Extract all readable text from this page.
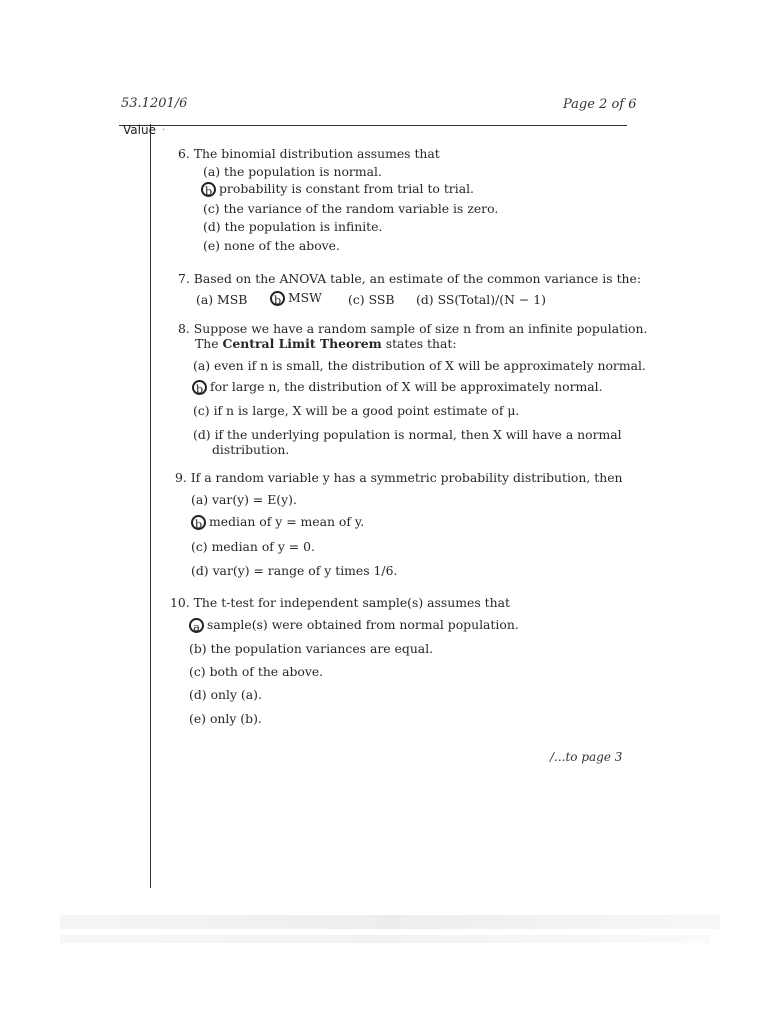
53.1201/6	Page 2 of 6
Value ·
6. The binomial distribution assumes that
(a) the population is normal.
b probability is constant from trial to trial.
(c) the variance of the random variable is zero.
(d) the population is infinite.
(e) none of the above.
7. Based on the ANOVA table, an estimate of the common variance is the:
(a) MSB	b MSW (c) SSB (d) SS(Total)/(N − 1)
8. Suppose we have a random sample of size n from an infinite population.
The Central Limit Theorem states that:
(a) even if n is small, the distribution of X will be approximately normal.
b for large n, the distribution of X will be approximately normal.
(c) if n is large, X will be a good point estimate of μ.
(d) if the underlying population is normal, then X will have a normal
distribution.
9. If a random variable y has a symmetric probability distribution, then
(a) var(y) = E(y).
b median of y = mean of y.
(c) median of y = 0.
(d) var(y) = range of y times 1/6.
10. The t-test for independent sample(s) assumes that
a sample(s) were obtained from normal population.
(b) the population variances are equal.
(c) both of the above.
(d) only (a).
(e) only (b).
/...to page 3
